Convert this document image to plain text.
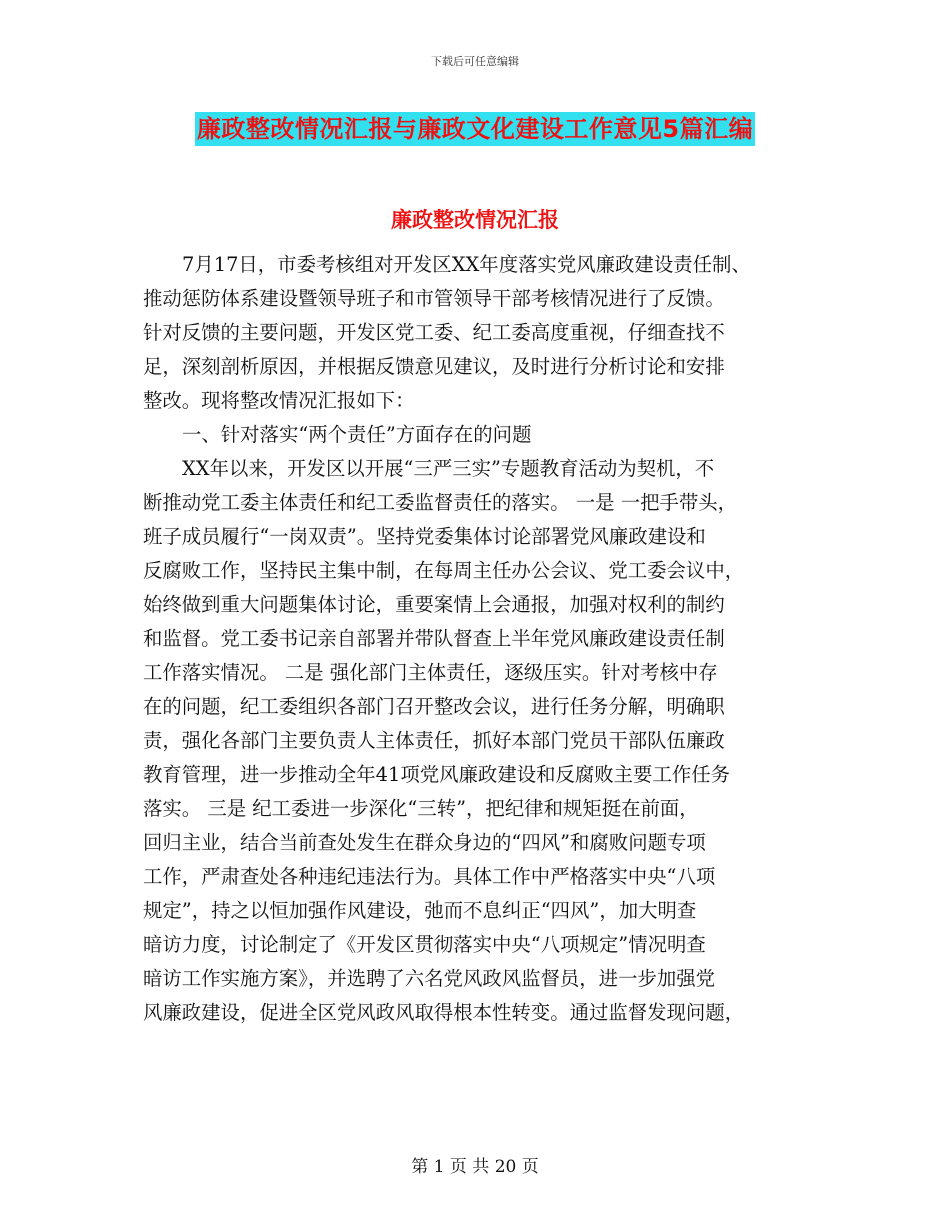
下载后可任意编辑
廉政整改情况汇报与廉政文化建设工作意见5篇汇编
廉政整改情况汇报
7月17日，市委考核组对开发区XX年度落实党风廉政建设责任制、
推动惩防体系建设暨领导班子和市管领导干部考核情况进行了反馈。
针对反馈的主要问题，开发区党工委、纪工委高度重视，仔细查找不
足，深刻剖析原因，并根据反馈意见建议，及时进行分析讨论和安排
整改。现将整改情况汇报如下：
一、针对落实“两个责任”方面存在的问题
XX年以来，开发区以开展“三严三实”专题教育活动为契机，不
断推动党工委主体责任和纪工委监督责任的落实。 一是 一把手带头，
班子成员履行“一岗双责”。坚持党委集体讨论部署党风廉政建设和
反腐败工作，坚持民主集中制，在每周主任办公会议、党工委会议中，
始终做到重大问题集体讨论，重要案情上会通报，加强对权利的制约
和监督。党工委书记亲自部署并带队督查上半年党风廉政建设责任制
工作落实情况。 二是 强化部门主体责任，逐级压实。针对考核中存
在的问题，纪工委组织各部门召开整改会议，进行任务分解，明确职
责，强化各部门主要负责人主体责任，抓好本部门党员干部队伍廉政
教育管理，进一步推动全年41项党风廉政建设和反腐败主要工作任务
落实。 三是 纪工委进一步深化“三转”，把纪律和规矩挺在前面，
回归主业，结合当前查处发生在群众身边的“四风”和腐败问题专项
工作，严肃查处各种违纪违法行为。具体工作中严格落实中央“八项
规定”，持之以恒加强作风建设，弛而不息纠正“四风”，加大明查
暗访力度，讨论制定了《开发区贯彻落实中央“八项规定”情况明查
暗访工作实施方案》，并选聘了六名党风政风监督员，进一步加强党
风廉政建设，促进全区党风政风取得根本性转变。通过监督发现问题，
第 1 页 共 20 页
